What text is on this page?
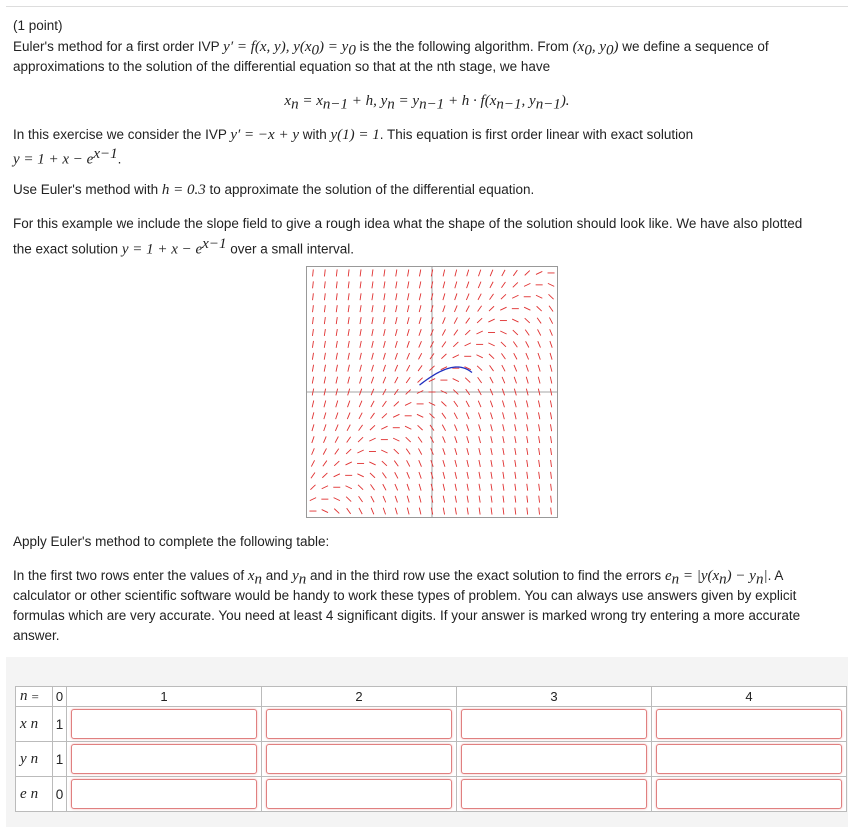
(1 point)
Euler's method for a first order IVP y′ = f(x, y), $y(x_0) = y_0$ is the the following algorithm. From ($x_0$, $y_0$) we define a sequence of
approximations to the solution of the differential equation so that at the nth stage, we have
$x_n = x_{n-1} + h$, $y_n = y_{n-1} + h \cdot f(x_{n-1}$, $y_{n-1}$).
In this exercise we consider the IVP y′ = −x + y with y(1) = 1. This equation is first order linear with exact solution
$y = 1 + x - e^{x-1}$.
Use Euler's method with h = 0.3 to approximate the solution of the differential equation.
For this example we include the slope field to give a rough idea what the shape of the solution should look like. We have also plotted
the exact solution $y = 1 + x - e^{x-1}$ over a small interval.
Apply Euler's method to complete the following table:
In the first two rows enter the values of $x_n$ and $y_n$ and in the third row use the exact solution to find the errors $e_n = |y(x_n) - y_n|$. A
calculator or other scientific software would be handy to work these types of problem. You can always use answers given by explicit
formulas which are very accurate. You need at least 4 significant digits. If your answer is marked wrong try entering a more accurate
answer.
n =	0	1	2	3	4

x n	1	

y n	1	

e n	0	
